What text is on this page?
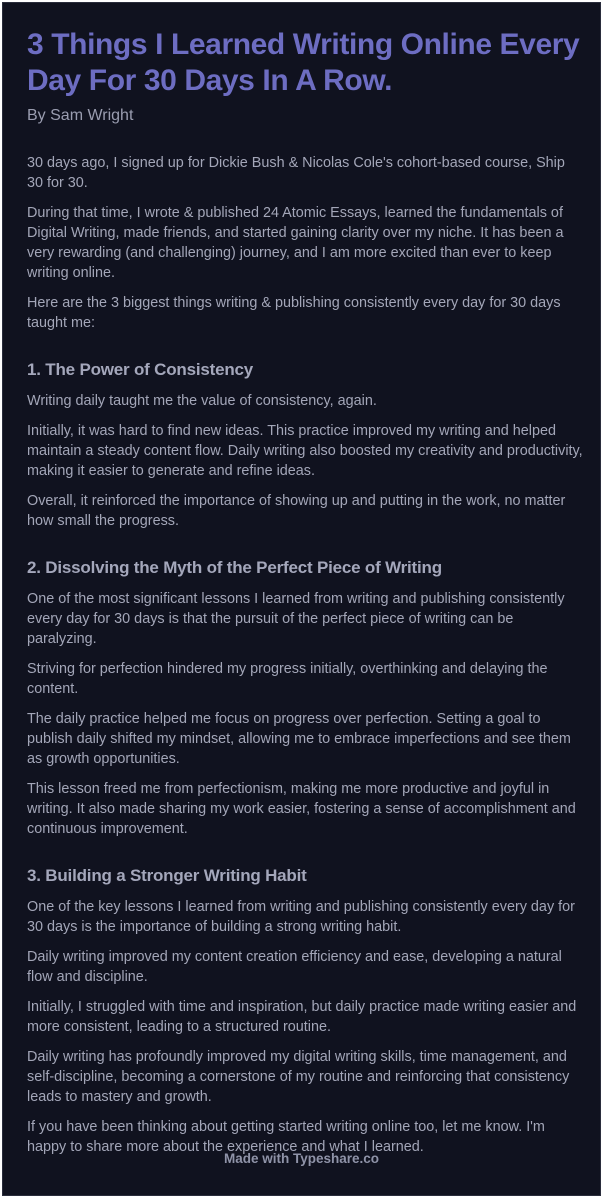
3 Things I Learned Writing Online Every Day For 30 Days In A Row.
By Sam Wright

30 days ago, I signed up for Dickie Bush & Nicolas Cole's cohort-based course, Ship 30 for 30.

During that time, I wrote & published 24 Atomic Essays, learned the fundamentals of Digital Writing, made friends, and started gaining clarity over my niche. It has been a very rewarding (and challenging) journey, and I am more excited than ever to keep writing online.

Here are the 3 biggest things writing & publishing consistently every day for 30 days taught me:

1. The Power of Consistency

Writing daily taught me the value of consistency, again.

Initially, it was hard to find new ideas. This practice improved my writing and helped maintain a steady content flow. Daily writing also boosted my creativity and productivity, making it easier to generate and refine ideas.

Overall, it reinforced the importance of showing up and putting in the work, no matter how small the progress.

2. Dissolving the Myth of the Perfect Piece of Writing

One of the most significant lessons I learned from writing and publishing consistently every day for 30 days is that the pursuit of the perfect piece of writing can be paralyzing.

Striving for perfection hindered my progress initially, overthinking and delaying the content.

The daily practice helped me focus on progress over perfection. Setting a goal to publish daily shifted my mindset, allowing me to embrace imperfections and see them as growth opportunities.

This lesson freed me from perfectionism, making me more productive and joyful in writing. It also made sharing my work easier, fostering a sense of accomplishment and continuous improvement.

3. Building a Stronger Writing Habit

One of the key lessons I learned from writing and publishing consistently every day for 30 days is the importance of building a strong writing habit.

Daily writing improved my content creation efficiency and ease, developing a natural flow and discipline.

Initially, I struggled with time and inspiration, but daily practice made writing easier and more consistent, leading to a structured routine.

Daily writing has profoundly improved my digital writing skills, time management, and self-discipline, becoming a cornerstone of my routine and reinforcing that consistency leads to mastery and growth.

If you have been thinking about getting started writing online too, let me know. I'm happy to share more about the experience and what I learned.

Made with Typeshare.co
